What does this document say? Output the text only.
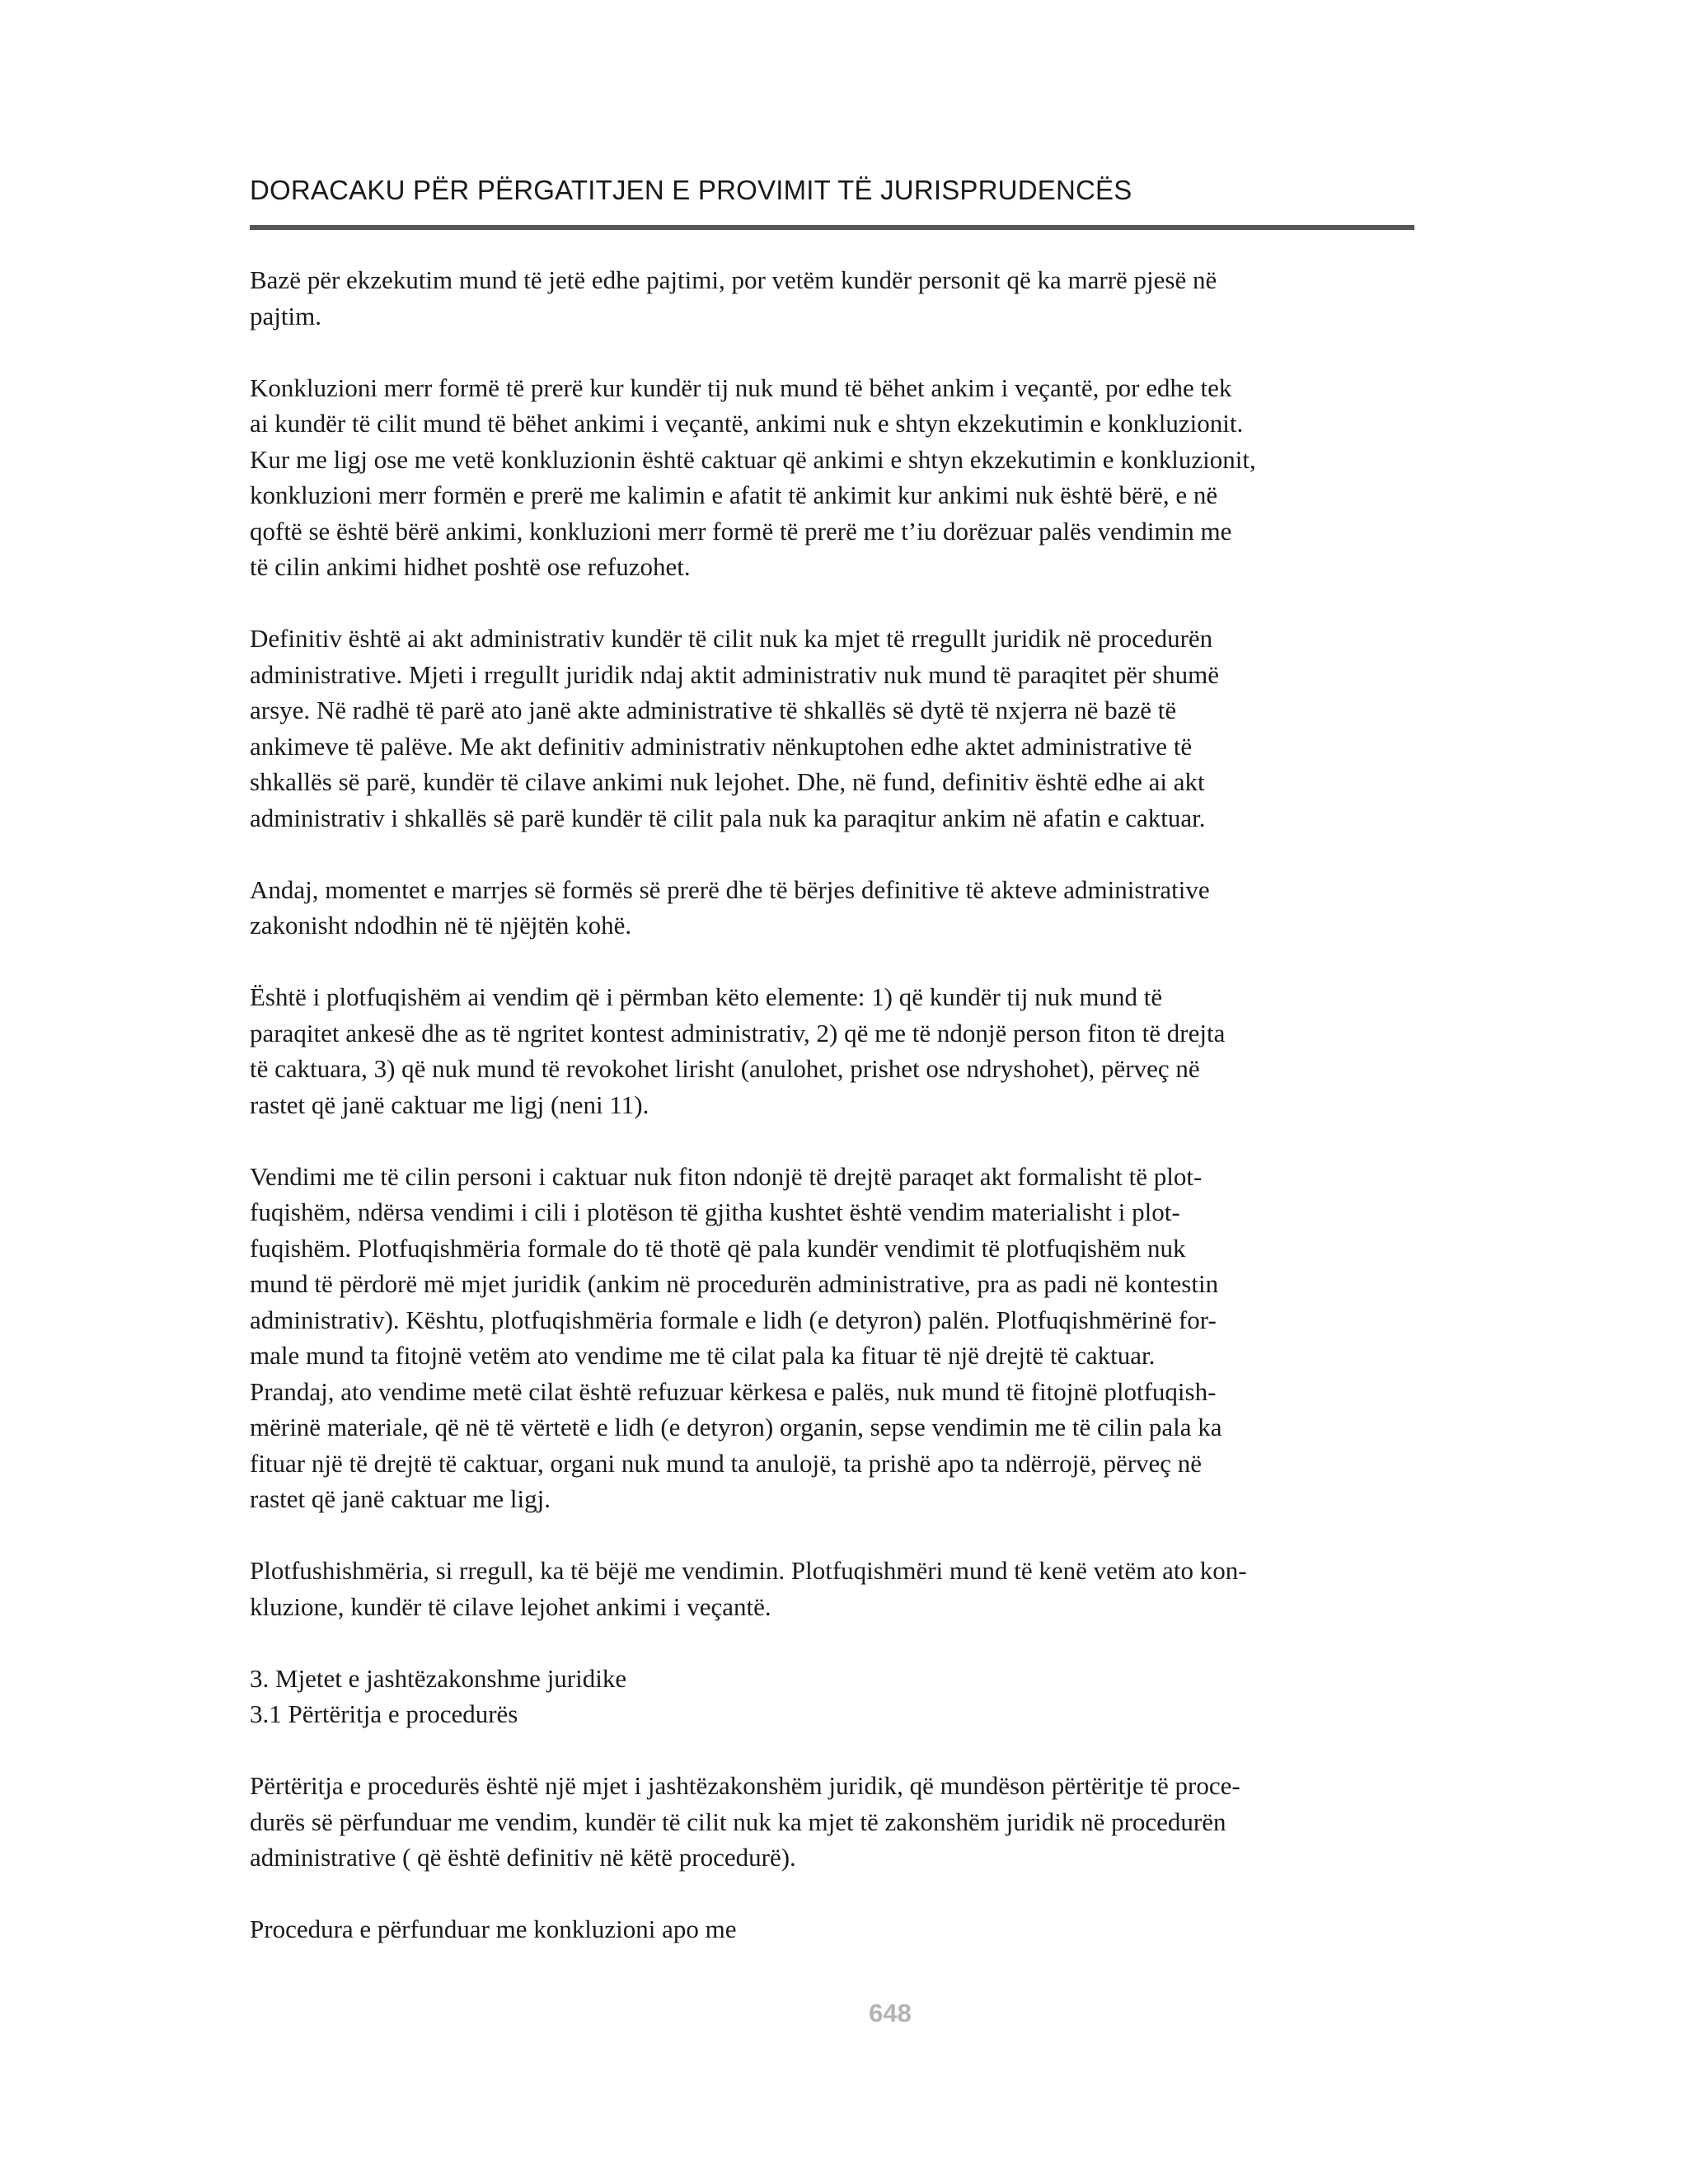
DORACAKU PËR PËRGATITJEN E PROVIMIT TË JURISPRUDENCËS

Bazë për ekzekutim mund të jetë edhe pajtimi, por vetëm kundër personit që ka marrë pjesë në
pajtim.

Konkluzioni merr formë të prerë kur kundër tij nuk mund të bëhet ankim i veçantë, por edhe tek
ai kundër të cilit mund të bëhet ankimi i veçantë, ankimi nuk e shtyn ekzekutimin e konkluzionit.
Kur me ligj ose me vetë konkluzionin është caktuar që ankimi e shtyn ekzekutimin e konkluzionit,
konkluzioni merr formën e prerë me kalimin e afatit të ankimit kur ankimi nuk është bërë, e në
qoftë se është bërë ankimi, konkluzioni merr formë të prerë me t’iu dorëzuar palës vendimin me
të cilin ankimi hidhet poshtë ose refuzohet.

Definitiv është ai akt administrativ kundër të cilit nuk ka mjet të rregullt juridik në procedurën
administrative. Mjeti i rregullt juridik ndaj aktit administrativ nuk mund të paraqitet për shumë
arsye. Në radhë të parë ato janë akte administrative të shkallës së dytë të nxjerra në bazë të
ankimeve të palëve. Me akt definitiv administrativ nënkuptohen edhe aktet administrative të
shkallës së parë, kundër të cilave ankimi nuk lejohet. Dhe, në fund, definitiv është edhe ai akt
administrativ i shkallës së parë kundër të cilit pala nuk ka paraqitur ankim në afatin e caktuar.

Andaj, momentet e marrjes së formës së prerë dhe të bërjes definitive të akteve administrative
zakonisht ndodhin në të njëjtën kohë.

Është i plotfuqishëm ai vendim që i përmban këto elemente: 1) që kundër tij nuk mund të
paraqitet ankesë dhe as të ngritet kontest administrativ, 2) që me të ndonjë person fiton të drejta
të caktuara, 3) që nuk mund të revokohet lirisht (anulohet, prishet ose ndryshohet), përveç në
rastet që janë caktuar me ligj (neni 11).

Vendimi me të cilin personi i caktuar nuk fiton ndonjë të drejtë paraqet akt formalisht të plot-
fuqishëm, ndërsa vendimi i cili i plotëson të gjitha kushtet është vendim materialisht i plot-
fuqishëm. Plotfuqishmëria formale do të thotë që pala kundër vendimit të plotfuqishëm nuk
mund të përdorë më mjet juridik (ankim në procedurën administrative, pra as padi në kontestin
administrativ). Kështu, plotfuqishmëria formale e lidh (e detyron) palën. Plotfuqishmërinë for-
male mund ta fitojnë vetëm ato vendime me të cilat pala ka fituar të një drejtë të caktuar.
Prandaj, ato vendime metë cilat është refuzuar kërkesa e palës, nuk mund të fitojnë plotfuqish-
mërinë materiale, që në të vërtetë e lidh (e detyron) organin, sepse vendimin me të cilin pala ka
fituar një të drejtë të caktuar, organi nuk mund ta anulojë, ta prishë apo ta ndërrojë, përveç në
rastet që janë caktuar me ligj.

Plotfushishmëria, si rregull, ka të bëjë me vendimin. Plotfuqishmëri mund të kenë vetëm ato kon-
kluzione, kundër të cilave lejohet ankimi i veçantë.

3. Mjetet e jashtëzakonshme juridike
3.1 Përtëritja e procedurës

Përtëritja e procedurës është një mjet i jashtëzakonshëm juridik, që mundëson përtëritje të proce-
durës së përfunduar me vendim, kundër të cilit nuk ka mjet të zakonshëm juridik në procedurën
administrative ( që është definitiv në këtë procedurë).

Procedura e përfunduar me konkluzioni apo me

648
